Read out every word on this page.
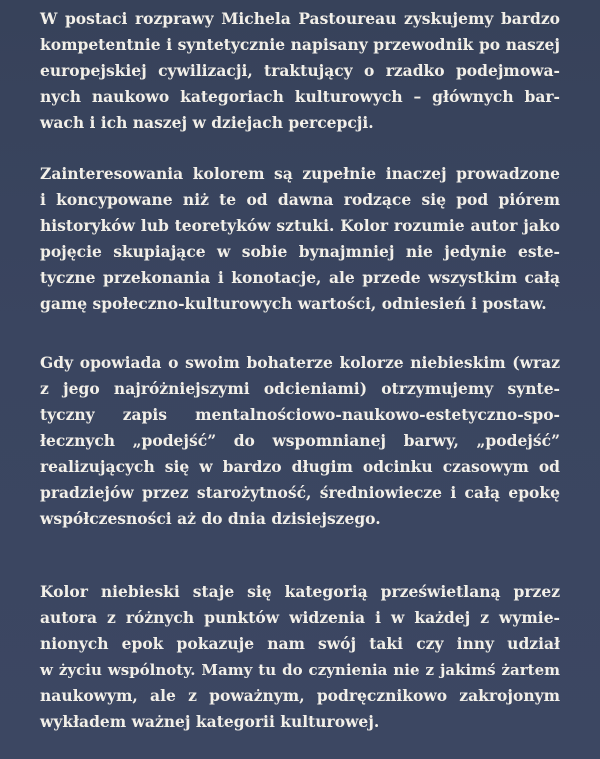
W postaci rozprawy Michela Pastoureau zyskujemy bardzo
kompetentnie i syntetycznie napisany przewodnik po naszej
europejskiej cywilizacji, traktujący o rzadko podejmowa-
nych naukowo kategoriach kulturowych – głównych bar-
wach i ich naszej w dziejach percepcji.

Zainteresowania kolorem są zupełnie inaczej prowadzone
i koncypowane niż te od dawna rodzące się pod piórem
historyków lub teoretyków sztuki. Kolor rozumie autor jako
pojęcie skupiające w sobie bynajmniej nie jedynie este-
tyczne przekonania i konotacje, ale przede wszystkim całą
gamę społeczno-kulturowych wartości, odniesień i postaw.

Gdy opowiada o swoim bohaterze kolorze niebieskim (wraz
z jego najróżniejszymi odcieniami) otrzymujemy synte-
tyczny zapis mentalnościowo-naukowo-estetyczno-spo-
łecznych „podejść” do wspomnianej barwy, „podejść”
realizujących się w bardzo długim odcinku czasowym od
pradziejów przez starożytność, średniowiecze i całą epokę
współczesności aż do dnia dzisiejszego.

Kolor niebieski staje się kategorią prześwietlaną przez
autora z różnych punktów widzenia i w każdej z wymie-
nionych epok pokazuje nam swój taki czy inny udział
w życiu wspólnoty. Mamy tu do czynienia nie z jakimś żartem
naukowym, ale z poważnym, podręcznikowo zakrojonym
wykładem ważnej kategorii kulturowej.
